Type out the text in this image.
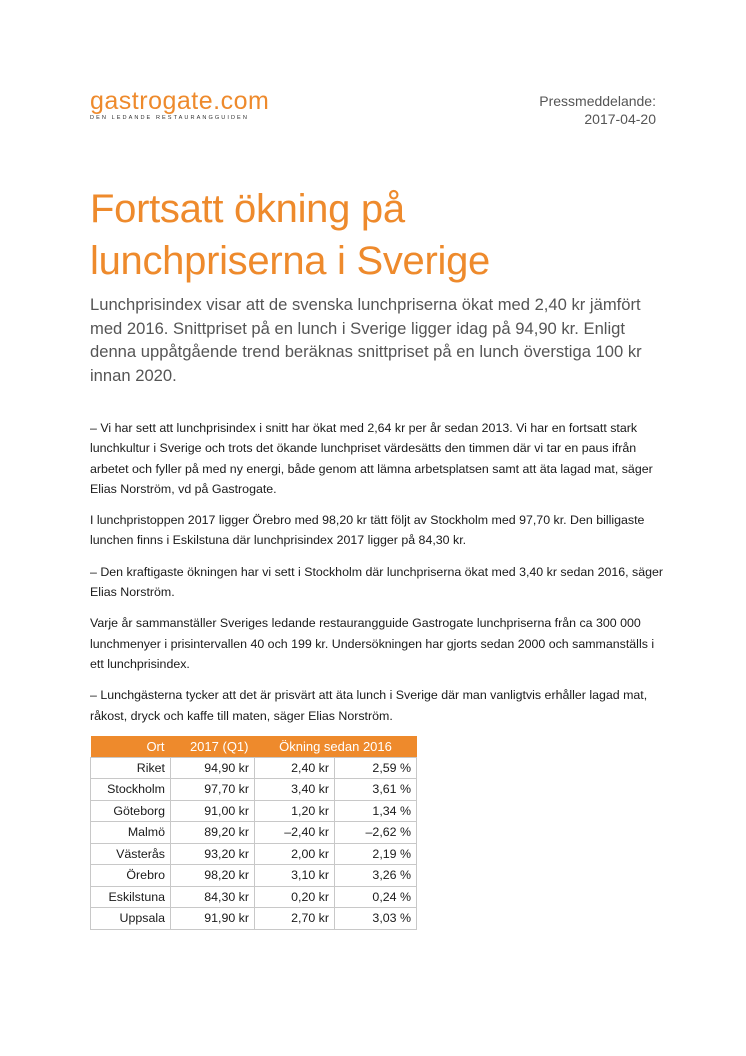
gastrogate.com
DEN LEDANDE RESTAURANGGUIDEN
Pressmeddelande:
2017-04-20
Fortsatt ökning på lunchpriserna i Sverige

Lunchprisindex visar att de svenska lunchpriserna ökat med 2,40 kr jämfört med 2016. Snittpriset på en lunch i Sverige ligger idag på 94,90 kr. Enligt denna uppåtgående trend beräknas snittpriset på en lunch överstiga 100 kr innan 2020.

– Vi har sett att lunchprisindex i snitt har ökat med 2,64 kr per år sedan 2013. Vi har en fortsatt stark lunchkultur i Sverige och trots det ökande lunchpriset värdesätts den timmen där vi tar en paus ifrån arbetet och fyller på med ny energi, både genom att lämna arbetsplatsen samt att äta lagad mat, säger Elias Norström, vd på Gastrogate.

I lunchpristoppen 2017 ligger Örebro med 98,20 kr tätt följt av Stockholm med 97,70 kr. Den billigaste lunchen finns i Eskilstuna där lunchprisindex 2017 ligger på 84,30 kr.

– Den kraftigaste ökningen har vi sett i Stockholm där lunchpriserna ökat med 3,40 kr sedan 2016, säger Elias Norström.

Varje år sammanställer Sveriges ledande restaurangguide Gastrogate lunchpriserna från ca 300 000 lunchmenyer i prisintervallen 40 och 199 kr. Undersökningen har gjorts sedan 2000 och sammanställs i ett lunchprisindex.

– Lunchgästerna tycker att det är prisvärt att äta lunch i Sverige där man vanligtvis erhåller lagad mat, råkost, dryck och kaffe till maten, säger Elias Norström.

Ort	2017 (Q1)	Ökning sedan 2016	
Riket	94,90 kr	2,40 kr	2,59 %
Stockholm	97,70 kr	3,40 kr	3,61 %
Göteborg	91,00 kr	1,20 kr	1,34 %
Malmö	89,20 kr	–2,40 kr	–2,62 %
Västerås	93,20 kr	2,00 kr	2,19 %
Örebro	98,20 kr	3,10 kr	3,26 %
Eskilstuna	84,30 kr	0,20 kr	0,24 %
Uppsala	91,90 kr	2,70 kr	3,03 %
